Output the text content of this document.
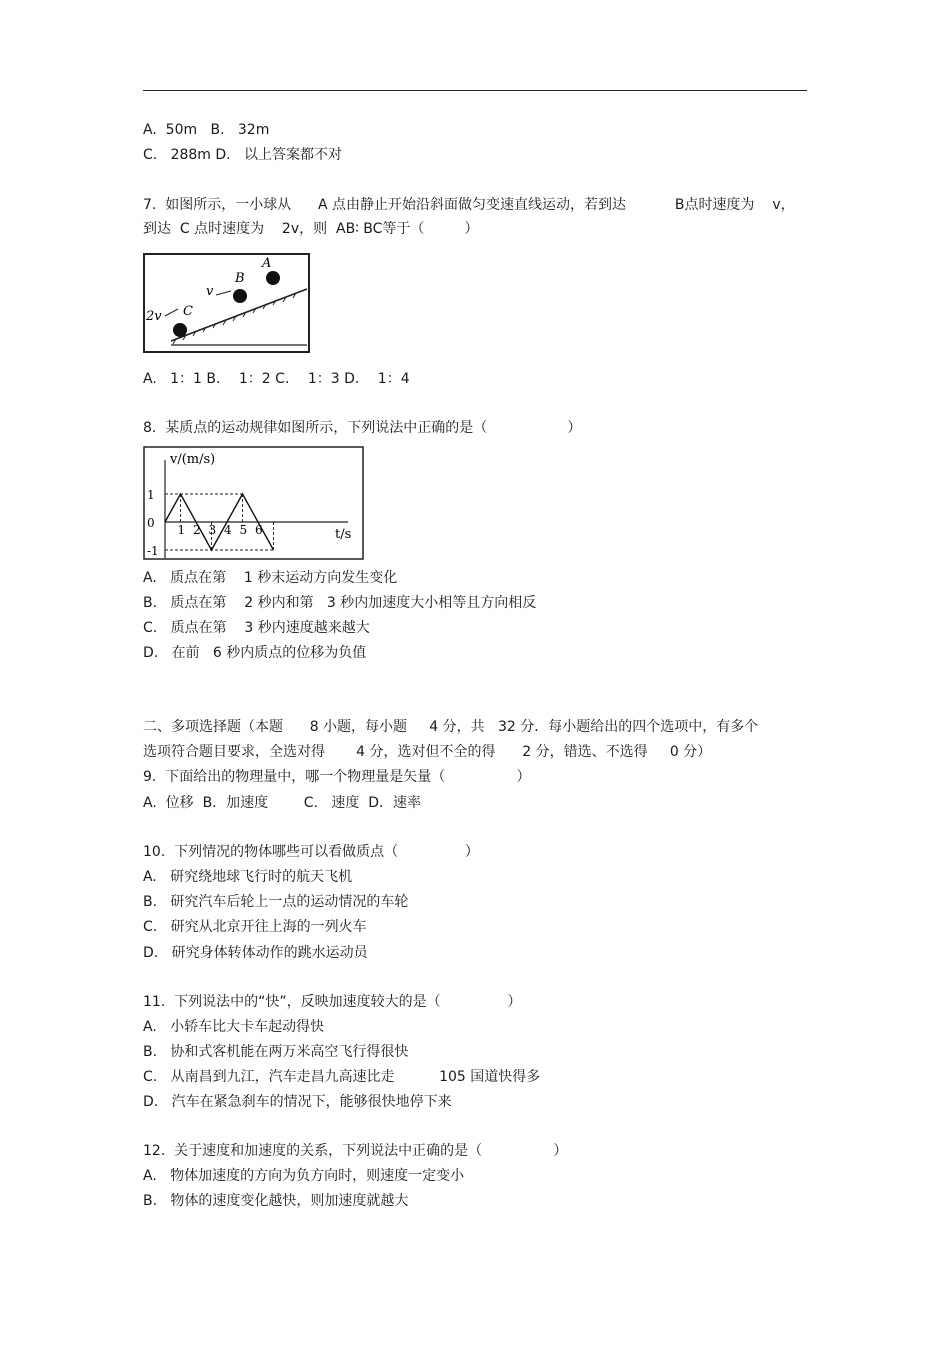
A.  50m   B.   32m
C.   288m D.   以上答案都不对
7.  如图所示，一小球从      A 点由静止开始沿斜面做匀变速直线运动，若到达           B点时速度为    v，
到达  C 点时速度为    2v，则  AB∶ BC等于（         ）
A
B
C
v
2v
A.   1：1 B．  1：2 C．  1：3 D．  1：4
8.  某质点的运动规律如图所示，下列说法中正确的是（                  ）
v/(m/s)
t/s
1
0
-1
1 2 3 4 5 6
A.   质点在第    1 秒末运动方向发生变化
B.   质点在第    2 秒内和第   3 秒内加速度大小相等且方向相反
C.   质点在第    3 秒内速度越来越大
D.   在前   6 秒内质点的位移为负值
二、多项选择题（本题      8 小题，每小题     4 分，共   32 分．每小题给出的四个选项中，有多个
选项符合题目要求，全选对得       4 分，选对但不全的得      2 分，错选、不选得     0 分）
9.  下面给出的物理量中，哪一个物理量是矢量（                ）
A.  位移  B．加速度        C.   速度  D．速率
10.  下列情况的物体哪些可以看做质点（               ）
A.   研究绕地球飞行时的航天飞机
B.   研究汽车后轮上一点的运动情况的车轮
C.   研究从北京开往上海的一列火车
D.   研究身体转体动作的跳水运动员
11.  下列说法中的“快”，反映加速度较大的是（               ）
A.   小轿车比大卡车起动得快
B.   协和式客机能在两万米高空飞行得很快
C.   从南昌到九江，汽车走昌九高速比走          105 国道快得多
D.   汽车在紧急刹车的情况下，能够很快地停下来
12.  关于速度和加速度的关系，下列说法中正确的是（                ）
A.   物体加速度的方向为负方向时，则速度一定变小
B.   物体的速度变化越快，则加速度就越大
